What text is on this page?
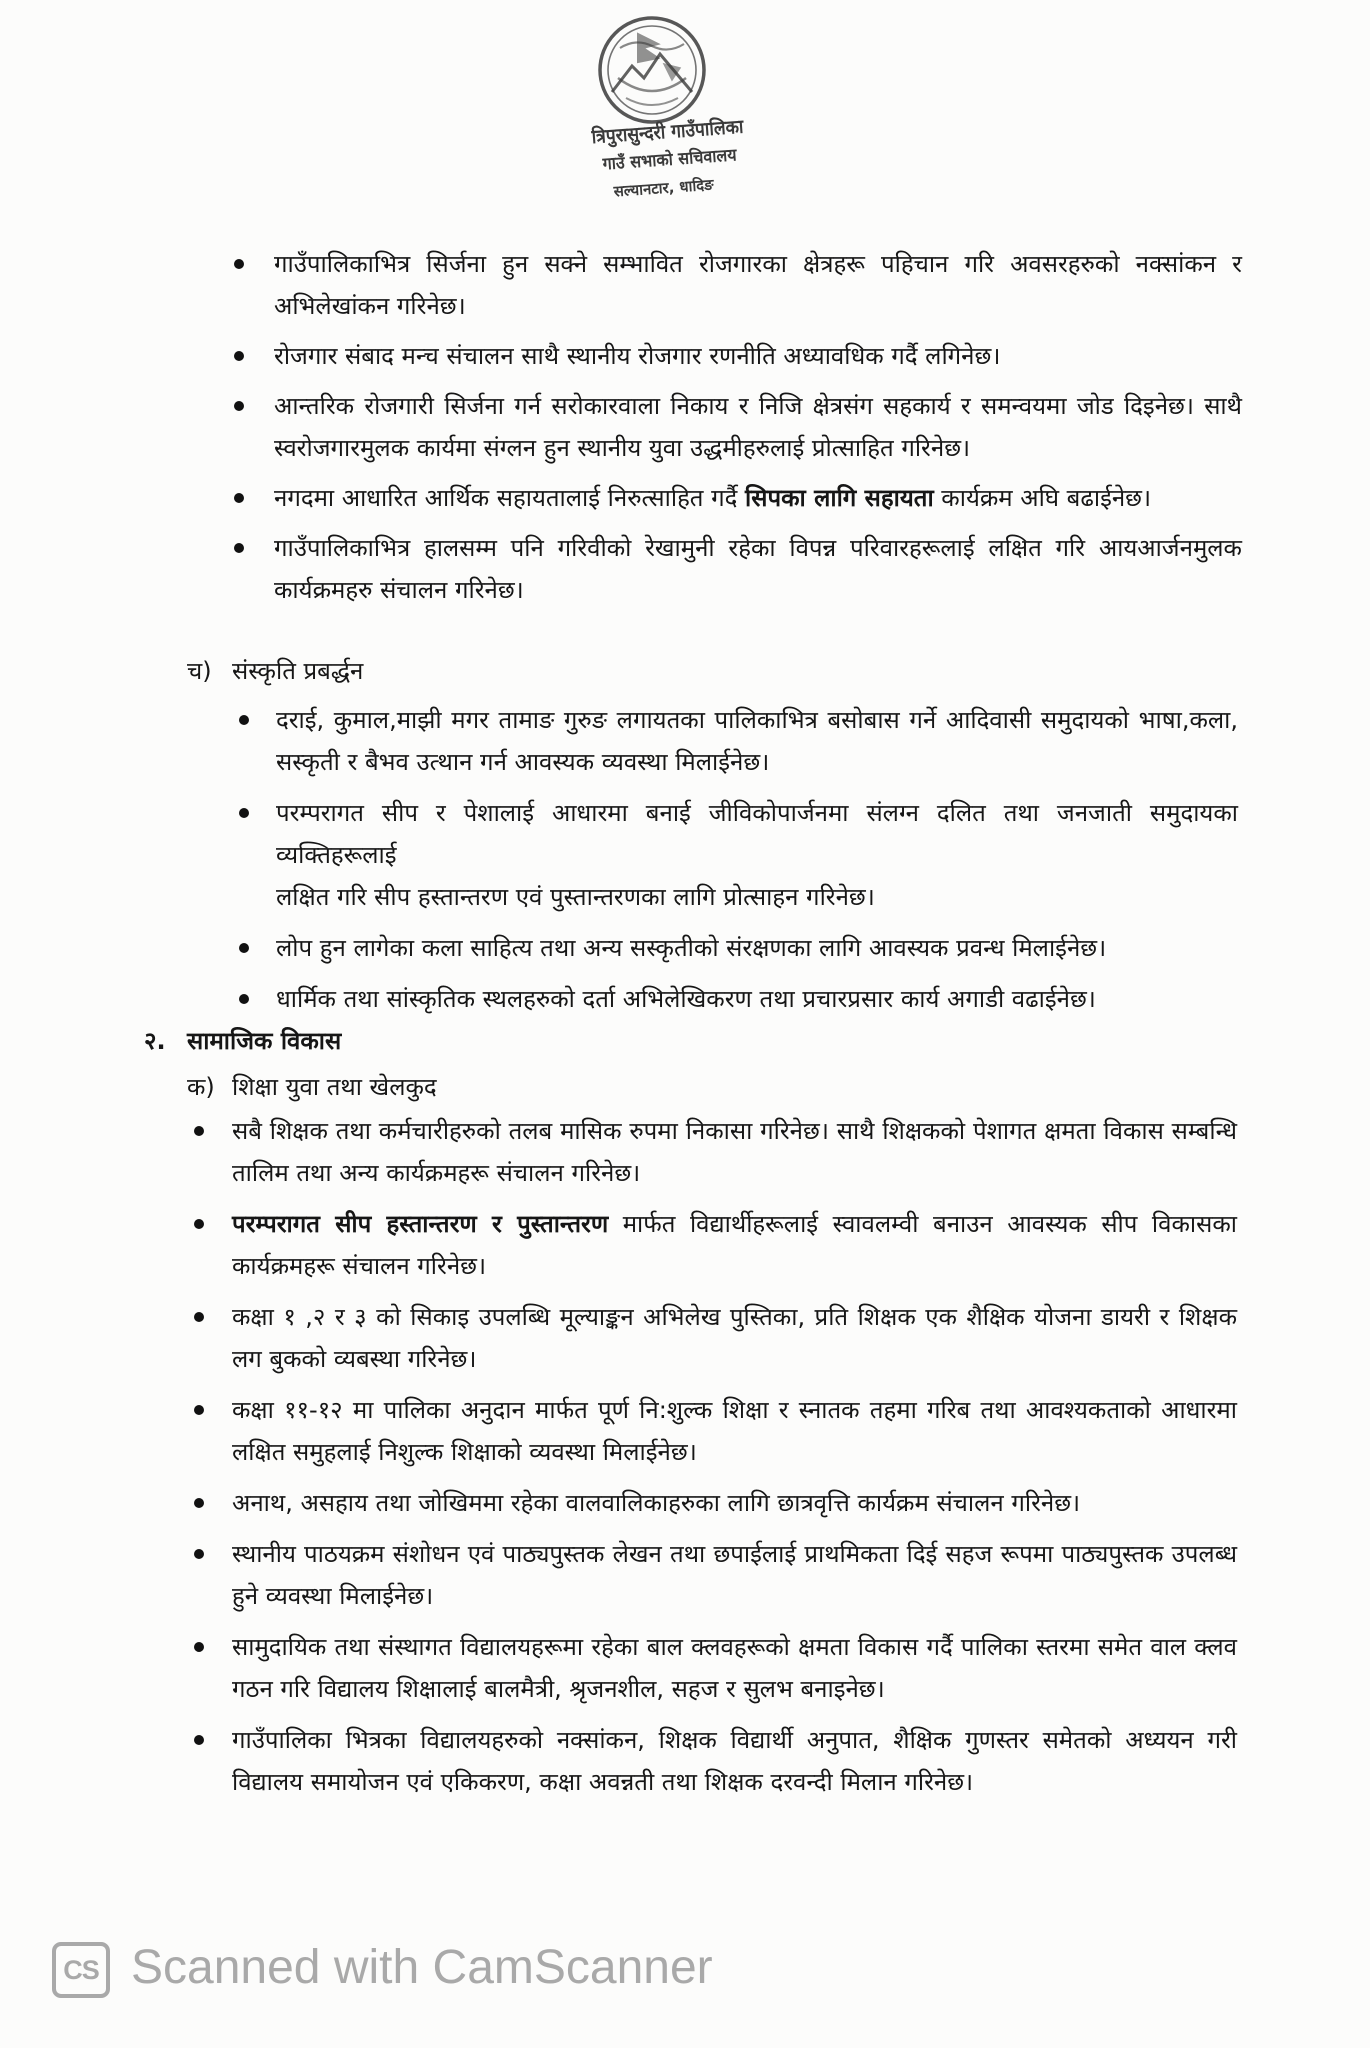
त्रिपुरासुन्दरी गाउँपालिका
गाउँ सभाको सचिवालय
सल्यानटार, धादिङ
गाउँपालिकाभित्र सिर्जना हुन सक्ने सम्भावित रोजगारका क्षेत्रहरू पहिचान गरि अवसरहरुको नक्सांकन र
अभिलेखांकन गरिनेछ।
रोजगार संबाद मन्च संचालन साथै स्थानीय रोजगार रणनीति अध्यावधिक गर्दै लगिनेछ।
आन्तरिक रोजगारी सिर्जना गर्न सरोकारवाला निकाय र निजि क्षेत्रसंग सहकार्य र समन्वयमा जोड दिइनेछ। साथै
स्वरोजगारमुलक कार्यमा संग्लन हुन स्थानीय युवा उद्धमीहरुलाई प्रोत्साहित गरिनेछ।
नगदमा आधारित आर्थिक सहायतालाई निरुत्साहित गर्दै सिपका लागि सहायता कार्यक्रम अघि बढाईनेछ।
गाउँपालिकाभित्र हालसम्म पनि गरिवीको रेखामुनी रहेका विपन्न परिवारहरूलाई लक्षित गरि आयआर्जनमुलक
कार्यक्रमहरु संचालन गरिनेछ।
च) संस्कृति प्रबर्द्धन
दराई, कुमाल,माझी मगर तामाङ गुरुङ लगायतका पालिकाभित्र बसोबास गर्ने आदिवासी समुदायको भाषा,कला,
सस्कृती र बैभव उत्थान गर्न आवस्यक व्यवस्था मिलाईनेछ।
परम्परागत सीप र पेशालाई आधारमा बनाई जीविकोपार्जनमा संलग्न दलित तथा जनजाती समुदायका व्यक्तिहरूलाई
लक्षित गरि सीप हस्तान्तरण एवं पुस्तान्तरणका लागि प्रोत्साहन गरिनेछ।
लोप हुन लागेका कला साहित्य तथा अन्य सस्कृतीको संरक्षणका लागि आवस्यक प्रवन्ध मिलाईनेछ।
धार्मिक तथा सांस्कृतिक स्थलहरुको दर्ता अभिलेखिकरण तथा प्रचारप्रसार कार्य अगाडी वढाईनेछ।
२. सामाजिक विकास
क) शिक्षा युवा तथा खेलकुद
सबै शिक्षक तथा कर्मचारीहरुको तलब मासिक रुपमा निकासा गरिनेछ। साथै शिक्षकको पेशागत क्षमता विकास सम्बन्धि
तालिम तथा अन्य कार्यक्रमहरू संचालन गरिनेछ।
परम्परागत सीप हस्तान्तरण र पुस्तान्तरण मार्फत विद्यार्थीहरूलाई स्वावलम्वी बनाउन आवस्यक सीप विकासका
कार्यक्रमहरू संचालन गरिनेछ।
कक्षा १ ,२ र ३ को सिकाइ उपलब्धि मूल्याङ्कन अभिलेख पुस्तिका, प्रति शिक्षक एक शैक्षिक योजना डायरी र शिक्षक
लग बुकको व्यबस्था गरिनेछ।
कक्षा ११-१२ मा पालिका अनुदान मार्फत पूर्ण नि:शुल्क शिक्षा र स्नातक तहमा गरिब तथा आवश्यकताको आधारमा
लक्षित समुहलाई निशुल्क शिक्षाको व्यवस्था मिलाईनेछ।
अनाथ, असहाय तथा जोखिममा रहेका वालवालिकाहरुका लागि छात्रवृत्ति कार्यक्रम संचालन गरिनेछ।
स्थानीय पाठयक्रम संशोधन एवं पाठ्यपुस्तक लेखन तथा छपाईलाई प्राथमिकता दिई सहज रूपमा पाठ्यपुस्तक उपलब्ध
हुने व्यवस्था मिलाईनेछ।
सामुदायिक तथा संस्थागत विद्यालयहरूमा रहेका बाल क्लवहरूको क्षमता विकास गर्दै पालिका स्तरमा समेत वाल क्लव
गठन गरि विद्यालय शिक्षालाई बालमैत्री, श्रृजनशील, सहज र सुलभ बनाइनेछ।
गाउँपालिका भित्रका विद्यालयहरुको नक्सांकन, शिक्षक विद्यार्थी अनुपात, शैक्षिक गुणस्तर समेतको अध्ययन गरी
विद्यालय समायोजन एवं एकिकरण, कक्षा अवन्नती तथा शिक्षक दरवन्दी मिलान गरिनेछ।
CS Scanned with CamScanner
